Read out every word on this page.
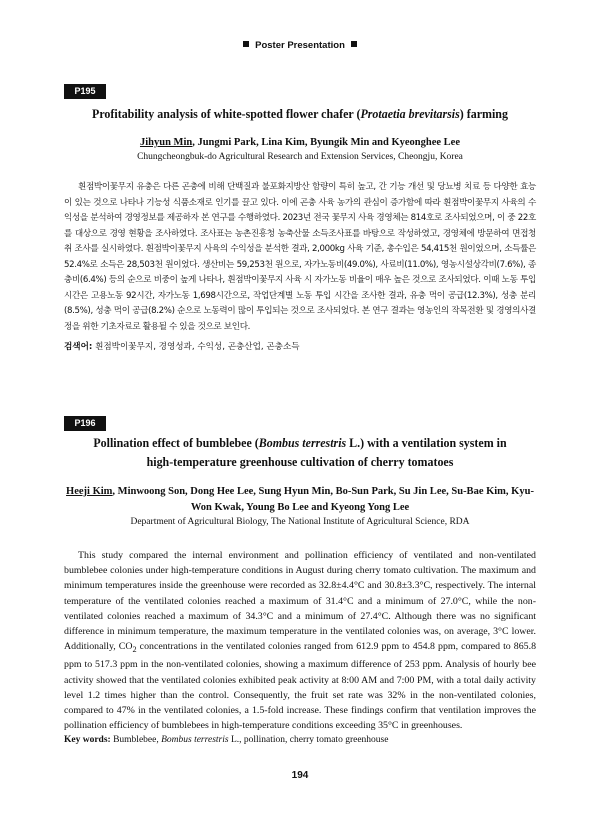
Poster Presentation
P195
Profitability analysis of white-spotted flower chafer (Protaetia brevitarsis) farming
Jihyun Min, Jungmi Park, Lina Kim, Byungik Min and Kyeonghee Lee
Chungcheongbuk-do Agricultural Research and Extension Services, Cheongju, Korea

흰점박이꽃무지 유충은 다른 곤충에 비해 단백질과 불포화지방산 함량이 특히 높고, 간 기능 개선 및 당뇨병 치료 등 다양한 효능이 있는 것으로 나타나 기능성 식품소재로 인기를 끌고 있다. 이에 곤충 사육 농가의 관심이 증가함에 따라 흰점박이꽃무지 사육의 수익성을 분석하여 경영정보를 제공하자 본 연구를 수행하였다. 2023년 전국 꽃무지 사육 경영체는 814호로 조사되었으며, 이 중 22호를 대상으로 경영 현황을 조사하였다. 조사표는 농촌진흥청 농축산물 소득조사표를 바탕으로 작성하였고, 경영체에 방문하여 면접청취 조사를 실시하였다. 흰점박이꽃무지 사육의 수익성을 분석한 결과, 2,000kg 사육 기준, 총수입은 54,415천 원이었으며, 소득률은 52.4%로 소득은 28,503천 원이었다. 생산비는 59,253천 원으로, 자가노동비(49.0%), 사료비(11.0%), 영농시설상각비(7.6%), 종충비(6.4%) 등의 순으로 비중이 높게 나타나, 흰점박이꽃무지 사육 시 자가노동 비율이 매우 높은 것으로 조사되었다. 이때 노동 투입시간은 고용노동 92시간, 자가노동 1,698시간으로, 작업단계별 노동 투입 시간을 조사한 결과, 유충 먹이 공급(12.3%), 성충 분리(8.5%), 성충 먹이 공급(8.2%) 순으로 노동력이 많이 투입되는 것으로 조사되었다. 본 연구 결과는 영농인의 작목전환 및 경영의사결정을 위한 기초자료로 활용될 수 있을 것으로 보인다.

검색어: 흰점박이꽃무지, 경영성과, 수익성, 곤충산업, 곤충소득
P196
Pollination effect of bumblebee (Bombus terrestris L.) with a ventilation system in high-temperature greenhouse cultivation of cherry tomatoes
Heeji Kim, Minwoong Son, Dong Hee Lee, Sung Hyun Min, Bo-Sun Park, Su Jin Lee, Su-Bae Kim, Kyu-Won Kwak, Young Bo Lee and Kyeong Yong Lee
Department of Agricultural Biology, The National Institute of Agricultural Science, RDA

This study compared the internal environment and pollination efficiency of ventilated and non-ventilated bumblebee colonies under high-temperature conditions in August during cherry tomato cultivation. The maximum and minimum temperatures inside the greenhouse were recorded as 32.8±4.4°C and 30.8±3.3°C, respectively. The internal temperature of the ventilated colonies reached a maximum of 31.4°C and a minimum of 27.0°C, while the non-ventilated colonies reached a maximum of 34.3°C and a minimum of 27.4°C. Although there was no significant difference in minimum temperature, the maximum temperature in the ventilated colonies was, on average, 3°C lower. Additionally, $CO_2$ concentrations in the ventilated colonies ranged from 612.9 ppm to 454.8 ppm, compared to 865.8 ppm to 517.3 ppm in the non-ventilated colonies, showing a maximum difference of 253 ppm. Analysis of hourly bee activity showed that the ventilated colonies exhibited peak activity at 8:00 AM and 7:00 PM, with a total daily activity level 1.2 times higher than the control. Consequently, the fruit set rate was 32% in the non-ventilated colonies, compared to 47% in the ventilated colonies, a 1.5-fold increase. These findings confirm that ventilation improves the pollination efficiency of bumblebees in high-temperature conditions exceeding 35°C in greenhouses.

Key words: Bumblebee, Bombus terrestris L., pollination, cherry tomato greenhouse
194
